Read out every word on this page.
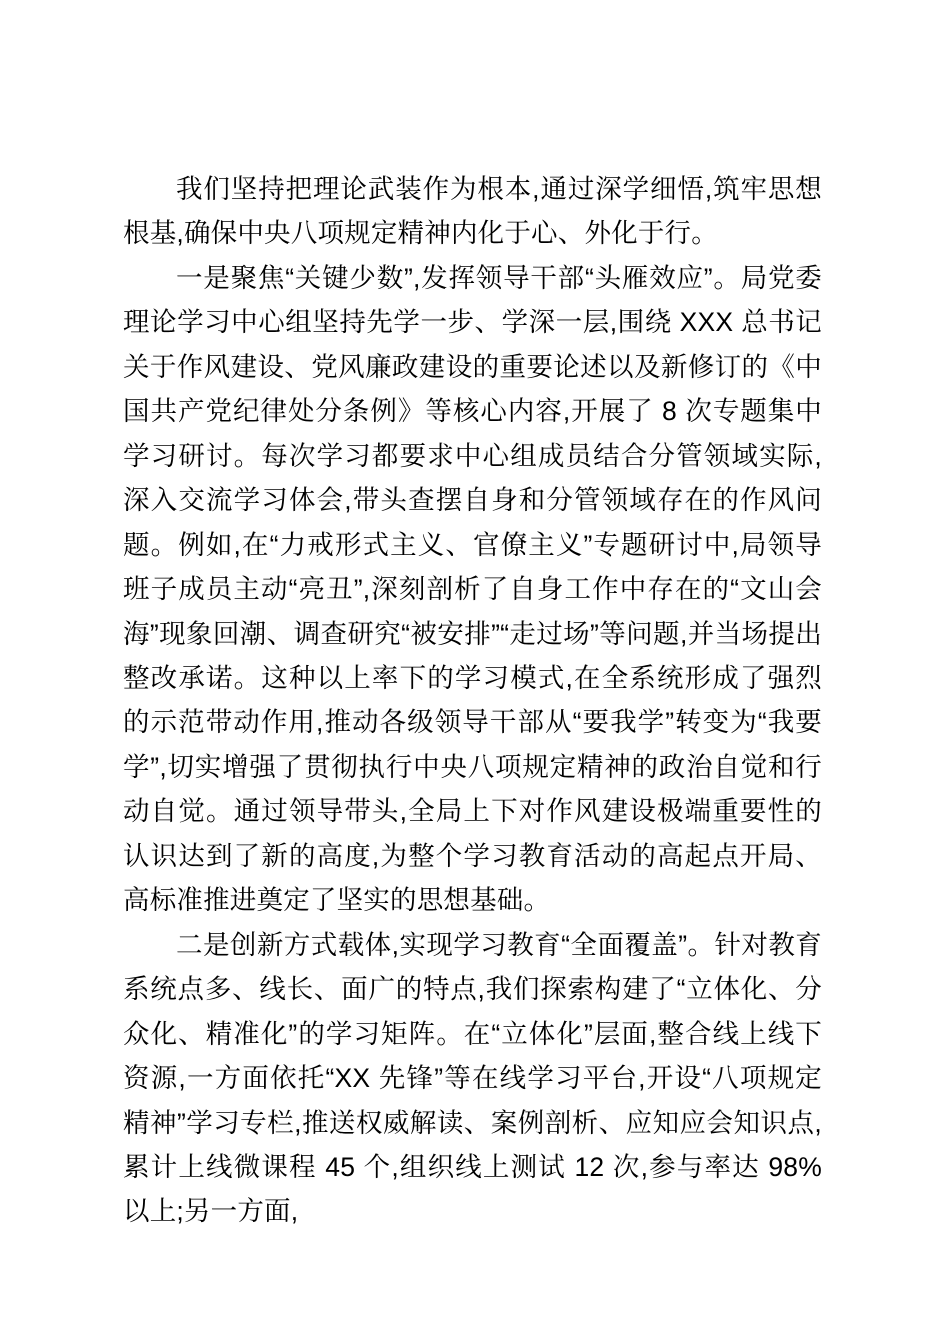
我们坚持把理论武装作为根本,通过深学细悟,筑牢思想根基,确保中央八项规定精神内化于心、外化于行。

一是聚焦“关键少数”,发挥领导干部“头雁效应”。局党委理论学习中心组坚持先学一步、学深一层,围绕 XXX 总书记关于作风建设、党风廉政建设的重要论述以及新修订的《中国共产党纪律处分条例》等核心内容,开展了 8 次专题集中学习研讨。每次学习都要求中心组成员结合分管领域实际,深入交流学习体会,带头查摆自身和分管领域存在的作风问题。例如,在“力戒形式主义、官僚主义”专题研讨中,局领导班子成员主动“亮丑”,深刻剖析了自身工作中存在的“文山会海”现象回潮、调查研究“被安排”“走过场”等问题,并当场提出整改承诺。这种以上率下的学习模式,在全系统形成了强烈的示范带动作用,推动各级领导干部从“要我学”转变为“我要学”,切实增强了贯彻执行中央八项规定精神的政治自觉和行动自觉。通过领导带头,全局上下对作风建设极端重要性的认识达到了新的高度,为整个学习教育活动的高起点开局、高标准推进奠定了坚实的思想基础。

二是创新方式载体,实现学习教育“全面覆盖”。针对教育系统点多、线长、面广的特点,我们探索构建了“立体化、分众化、精准化”的学习矩阵。在“立体化”层面,整合线上线下资源,一方面依托“XX 先锋”等在线学习平台,开设“八项规定精神”学习专栏,推送权威解读、案例剖析、应知应会知识点,累计上线微课程 45 个,组织线上测试 12 次,参与率达 98%以上;另一方面,
